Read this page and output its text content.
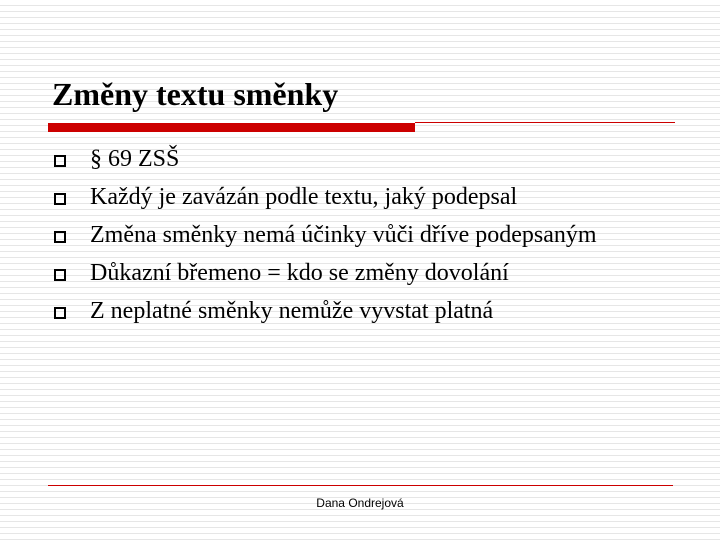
Změny textu směnky
§ 69 ZSŠ
Každý je zavázán podle textu, jaký podepsal
Změna směnky nemá účinky vůči dříve podepsaným
Důkazní břemeno = kdo se změny dovolání
Z neplatné směnky nemůže vyvstat platná
Dana Ondrejová
